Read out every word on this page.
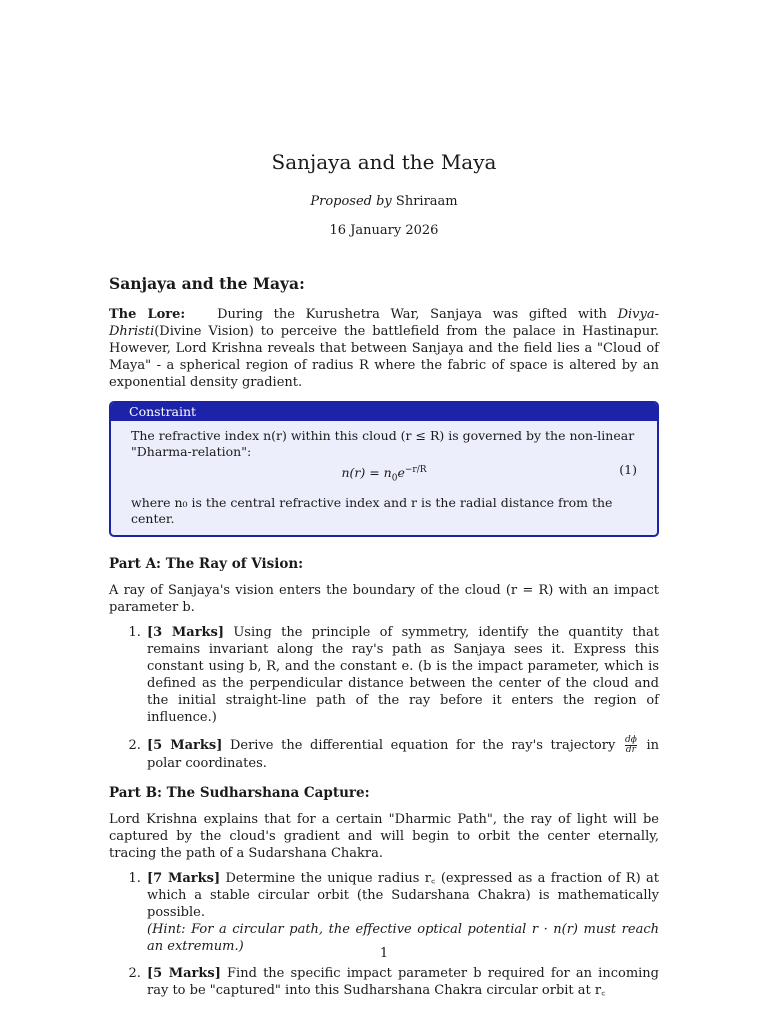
Sanjaya and the Maya
Proposed by Shriraam
16 January 2026
Sanjaya and the Maya:

The Lore: During the Kurushetra War, Sanjaya was gifted with Divya-Dhristi(Divine Vision) to perceive the battlefield from the palace in Hastinapur. However, Lord Krishna reveals that between Sanjaya and the field lies a "Cloud of Maya" - a spherical region of radius R where the fabric of space is altered by an exponential density gradient.

Constraint
The refractive index n(r) within this cloud (r ≤ R) is governed by the non-linear "Dharma-relation":
$n(r) = n_0e^{-r/R}$	(1)
where n₀ is the central refractive index and r is the radial distance from the center.
Part A: The Ray of Vision:

A ray of Sanjaya's vision enters the boundary of the cloud (r = R) with an impact parameter b.

1. [3 Marks] Using the principle of symmetry, identify the quantity that remains invariant along the ray's path as Sanjaya sees it. Express this constant using b, R, and the constant e. (b is the impact parameter, which is defined as the perpendicular distance between the center of the cloud and the initial straight-line path of the ray before it enters the region of influence.)
2. [5 Marks] Derive the differential equation for the ray's trajectory $\frac{d\phi}{dr}$ in polar coordinates.
Part B: The Sudharshana Capture:

Lord Krishna explains that for a certain "Dharmic Path", the ray of light will be captured by the cloud's gradient and will begin to orbit the center eternally, tracing the path of a Sudarshana Chakra.

1. [7 Marks] Determine the unique radius r꜀ (expressed as a fraction of R) at which a stable circular orbit (the Sudarshana Chakra) is mathematically possible.
(Hint: For a circular path, the effective optical potential r · n(r) must reach an extremum.)
2. [5 Marks] Find the specific impact parameter b required for an incoming ray to be "captured" into this Sudharshana Chakra circular orbit at r꜀
1
